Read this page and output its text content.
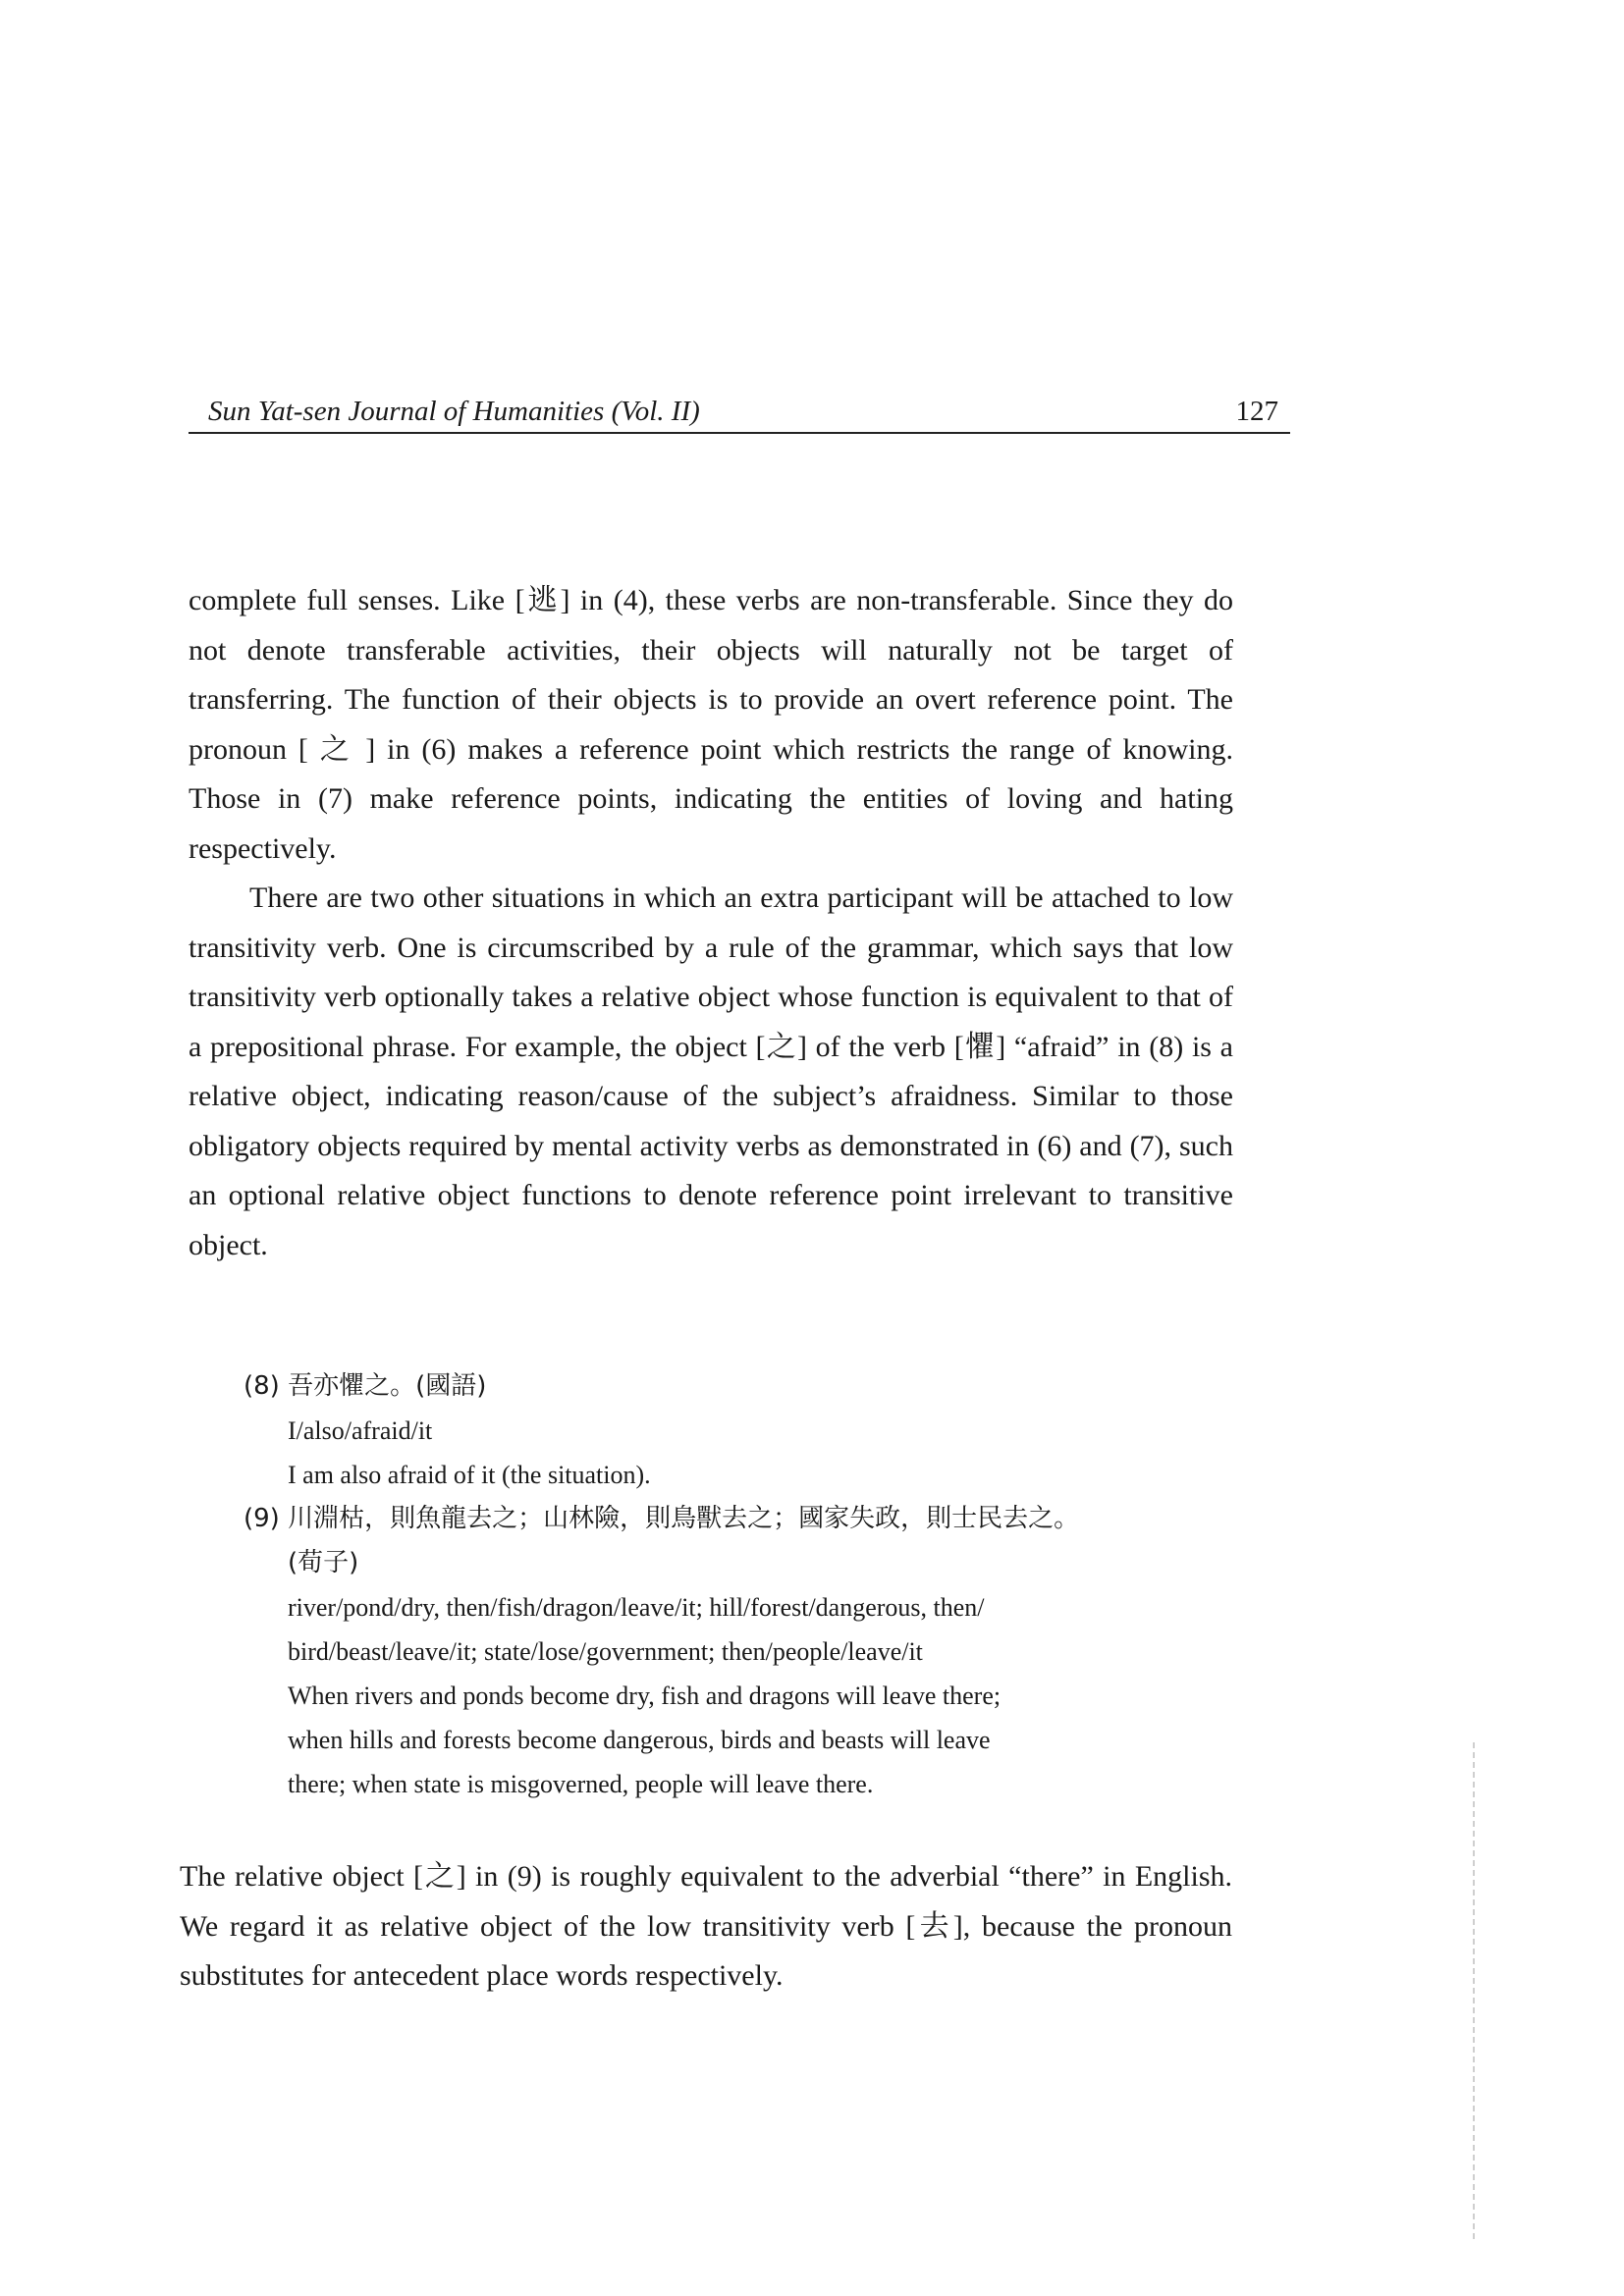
Sun Yat-sen Journal of Humanities (Vol. II)	127

complete full senses. Like [逃] in (4), these verbs are non-transferable. Since they do not denote transferable activities, their objects will naturally not be target of transferring. The function of their objects is to provide an overt reference point. The pronoun [ 之 ] in (6) makes a reference point which restricts the range of knowing. Those in (7) make reference points, indicating the entities of loving and hating respectively.

There are two other situations in which an extra participant will be attached to low transitivity verb. One is circumscribed by a rule of the grammar, which says that low transitivity verb optionally takes a relative object whose function is equivalent to that of a prepositional phrase. For example, the object [之] of the verb [懼] “afraid” in (8) is a relative object, indicating reason/cause of the subject’s afraidness. Similar to those obligatory objects required by mental activity verbs as demonstrated in (6) and (7), such an optional relative object functions to denote reference point irrelevant to transitive object.

(8) 吾亦懼之。(國語)

I/also/afraid/it

I am also afraid of it (the situation).

(9) 川淵枯，則魚龍去之；山林險，則鳥獸去之；國家失政，則士民去之。

(荀子)

river/pond/dry, then/fish/dragon/leave/it; hill/forest/dangerous, then/

bird/beast/leave/it; state/lose/government; then/people/leave/it

When rivers and ponds become dry, fish and dragons will leave there;

when hills and forests become dangerous, birds and beasts will leave

there; when state is misgoverned, people will leave there.

The relative object [之] in (9) is roughly equivalent to the adverbial “there” in English. We regard it as relative object of the low transitivity verb [去], because the pronoun substitutes for antecedent place words respectively.
